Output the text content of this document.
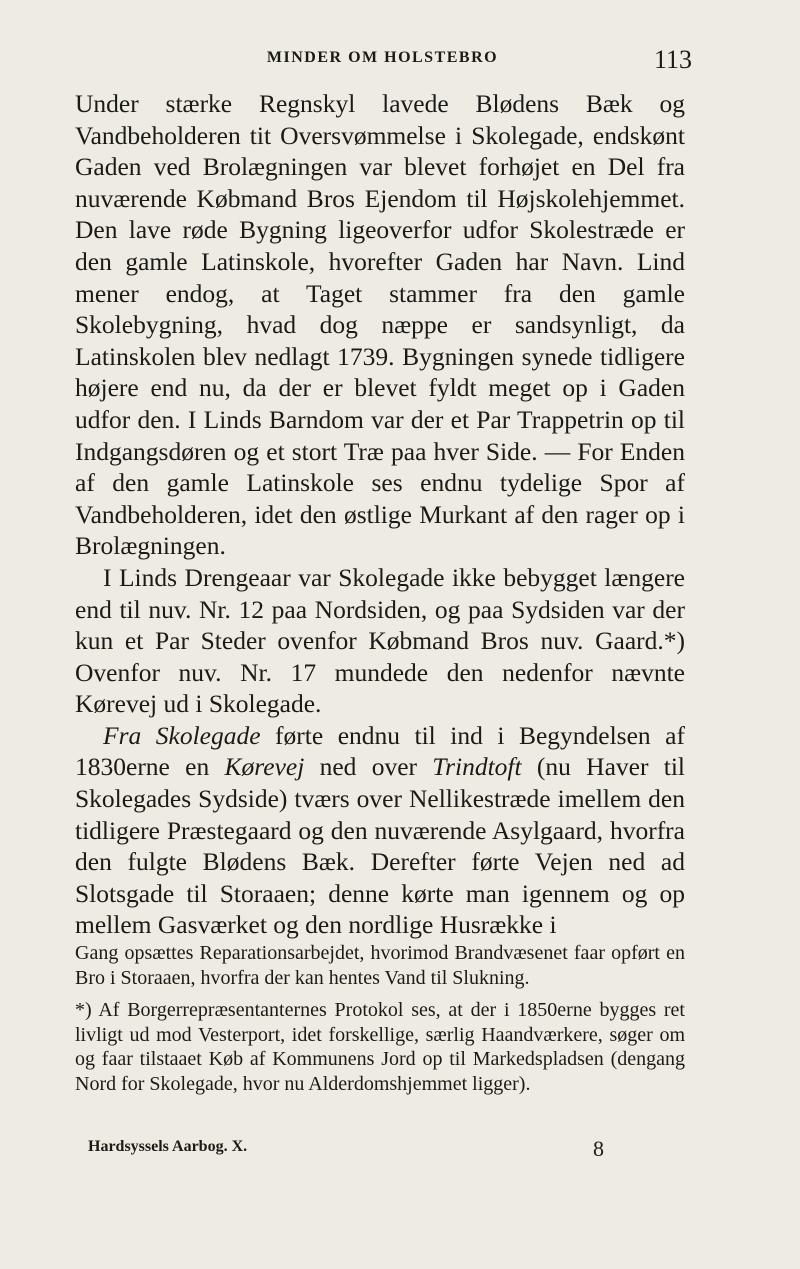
MINDER OM HOLSTEBRO	113

Under stærke Regnskyl lavede Blødens Bæk og Vandbeholderen tit Oversvømmelse i Skolegade, endskønt Gaden ved Brolægningen var blevet forhøjet en Del fra nuværende Købmand Bros Ejendom til Højskolehjemmet. Den lave røde Bygning ligeoverfor udfor Skolestræde er den gamle Latinskole, hvorefter Gaden har Navn. Lind mener endog, at Taget stammer fra den gamle Skolebygning, hvad dog næppe er sandsynligt, da Latinskolen blev nedlagt 1739. Bygningen synede tidligere højere end nu, da der er blevet fyldt meget op i Gaden udfor den. I Linds Barndom var der et Par Trappetrin op til Indgangsdøren og et stort Træ paa hver Side. — For Enden af den gamle Latinskole ses endnu tydelige Spor af Vandbeholderen, idet den østlige Murkant af den rager op i Brolægningen.

I Linds Drengeaar var Skolegade ikke bebygget længere end til nuv. Nr. 12 paa Nordsiden, og paa Sydsiden var der kun et Par Steder ovenfor Købmand Bros nuv. Gaard.*) Ovenfor nuv. Nr. 17 mundede den nedenfor nævnte Kørevej ud i Skolegade.

Fra Skolegade førte endnu til ind i Begyndelsen af 1830erne en Kørevej ned over Trindtoft (nu Haver til Skolegades Sydside) tværs over Nellikestræde imellem den tidligere Præstegaard og den nuværende Asylgaard, hvorfra den fulgte Blødens Bæk. Derefter førte Vejen ned ad Slotsgade til Storaaen; denne kørte man igennem og op mellem Gasværket og den nordlige Husrække i

Gang opsættes Reparationsarbejdet, hvorimod Brandvæsenet faar opført en Bro i Storaaen, hvorfra der kan hentes Vand til Slukning.
*) Af Borgerrepræsentanternes Protokol ses, at der i 1850erne bygges ret livligt ud mod Vesterport, idet forskellige, særlig Haandværkere, søger om og faar tilstaaet Køb af Kommunens Jord op til Markedspladsen (dengang Nord for Skolegade, hvor nu Alderdomshjemmet ligger).
Hardsyssels Aarbog. X.	8
